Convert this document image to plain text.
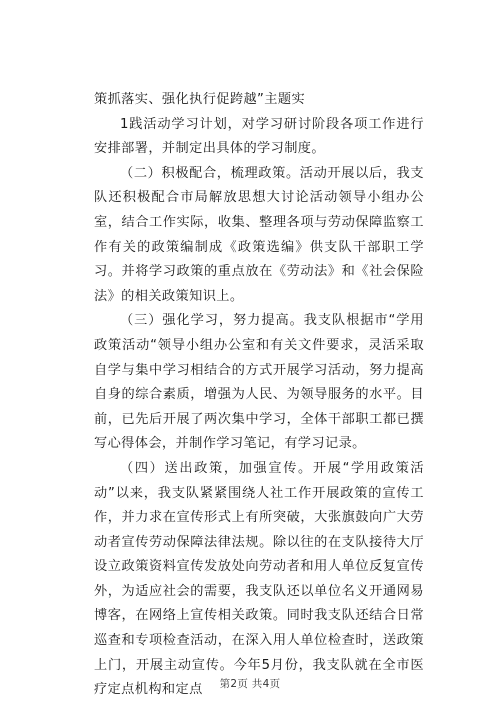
策抓落实、强化执行促跨越”主题实

1践活动学习计划，对学习研讨阶段各项工作进行安排部署，并制定出具体的学习制度。

（二）积极配合，梳理政策。活动开展以后，我支队还积极配合市局解放思想大讨论活动领导小组办公室，结合工作实际，收集、整理各项与劳动保障监察工作有关的政策编制成《政策选编》供支队干部职工学习。并将学习政策的重点放在《劳动法》和《社会保险法》的相关政策知识上。

（三）强化学习，努力提高。我支队根据市“学用政策活动“领导小组办公室和有关文件要求，灵活采取自学与集中学习相结合的方式开展学习活动，努力提高自身的综合素质，增强为人民、为领导服务的水平。目前，已先后开展了两次集中学习，全体干部职工都已撰写心得体会，并制作学习笔记，有学习记录。

（四）送出政策，加强宣传。开展“学用政策活动”以来，我支队紧紧围绕人社工作开展政策的宣传工作，并力求在宣传形式上有所突破，大张旗鼓向广大劳动者宣传劳动保障法律法规。除以往的在支队接待大厅设立政策资料宣传发放处向劳动者和用人单位反复宣传外，为适应社会的需要，我支队还以单位名义开通网易博客，在网络上宣传相关政策。同时我支队还结合日常巡查和专项检查活动，在深入用人单位检查时，送政策上门，开展主动宣传。今年5月份，我支队就在全市医疗定点机构和定点	第2页 共4页
